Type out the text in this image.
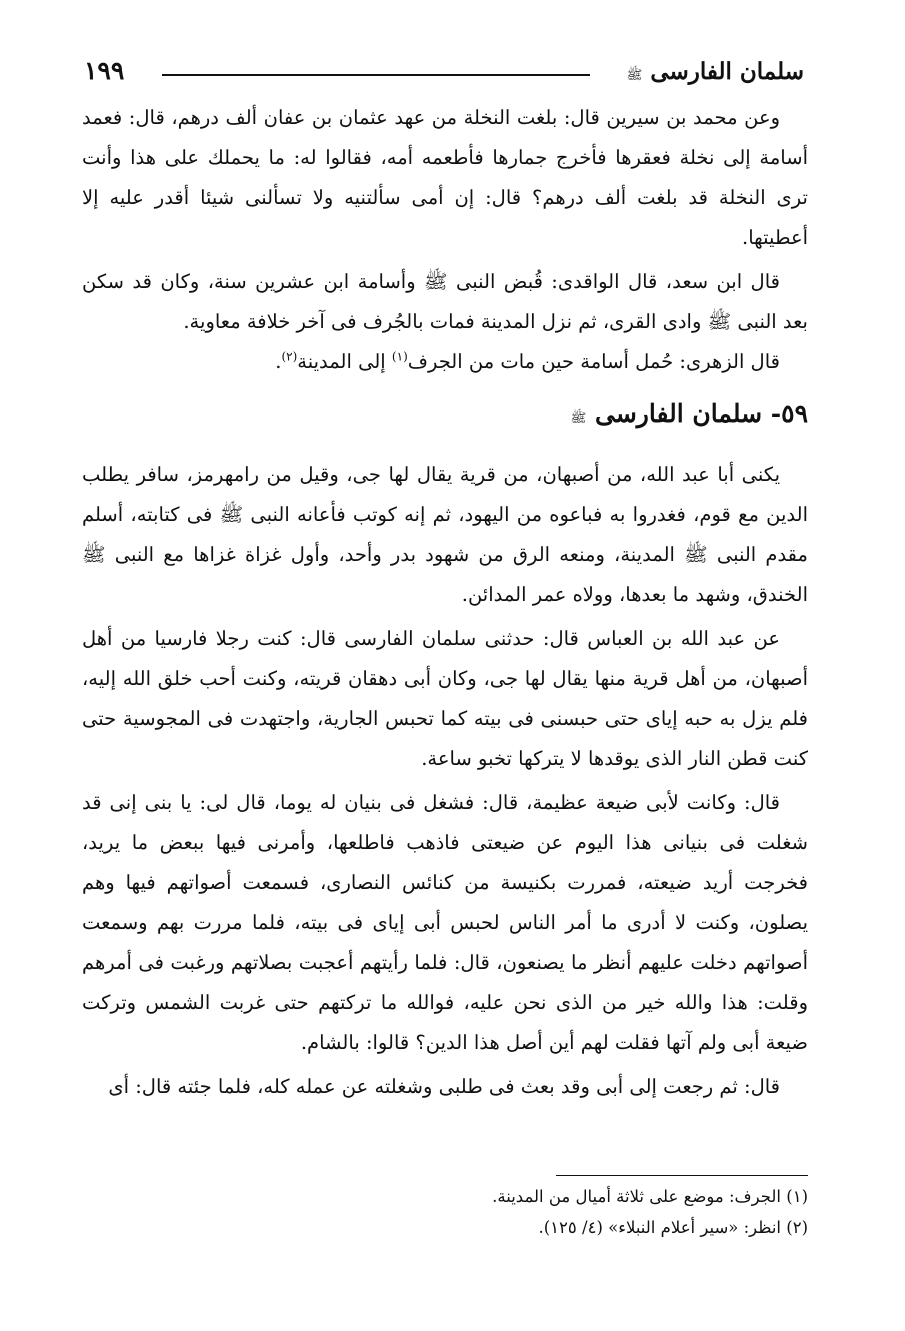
سلمان الفارسى ﷺ
١٩٩

وعن محمد بن سيرين قال: بلغت النخلة من عهد عثمان بن عفان ألف درهم، قال: فعمد أسامة إلى نخلة فعقرها فأخرج جمارها فأطعمه أمه، فقالوا له: ما يحملك على هذا وأنت ترى النخلة قد بلغت ألف درهم؟ قال: إن أمى سألتنيه ولا تسألنى شيئا أقدر عليه إلا أعطيتها.

قال ابن سعد، قال الواقدى: قُبض النبى ﷺ وأسامة ابن عشرين سنة، وكان قد سكن بعد النبى ﷺ وادى القرى، ثم نزل المدينة فمات بالجُرف فى آخر خلافة معاوية.

قال الزهرى: حُمل أسامة حين مات من الجرف$^{(١)}$ إلى المدينة$^{(٢)}$.

٥٩- سلمان الفارسى ﷺ

يكنى أبا عبد الله، من أصبهان، من قرية يقال لها جى، وقيل من رامهرمز، سافر يطلب الدين مع قوم، فغدروا به فباعوه من اليهود، ثم إنه كوتب فأعانه النبى ﷺ فى كتابته، أسلم مقدم النبى ﷺ المدينة، ومنعه الرق من شهود بدر وأحد، وأول غزاة غزاها مع النبى ﷺ الخندق، وشهد ما بعدها، وولاه عمر المدائن.

عن عبد الله بن العباس قال: حدثنى سلمان الفارسى قال: كنت رجلا فارسيا من أهل أصبهان، من أهل قرية منها يقال لها جى، وكان أبى دهقان قريته، وكنت أحب خلق الله إليه، فلم يزل به حبه إياى حتى حبسنى فى بيته كما تحبس الجارية، واجتهدت فى المجوسية حتى كنت قطن النار الذى يوقدها لا يتركها تخبو ساعة.

قال: وكانت لأبى ضيعة عظيمة، قال: فشغل فى بنيان له يوما، قال لى: يا بنى إنى قد شغلت فى بنيانى هذا اليوم عن ضيعتى فاذهب فاطلعها، وأمرنى فيها ببعض ما يريد، فخرجت أريد ضيعته، فمررت بكنيسة من كنائس النصارى، فسمعت أصواتهم فيها وهم يصلون، وكنت لا أدرى ما أمر الناس لحبس أبى إياى فى بيته، فلما مررت بهم وسمعت أصواتهم دخلت عليهم أنظر ما يصنعون، قال: فلما رأيتهم أعجبت بصلاتهم ورغبت فى أمرهم وقلت: هذا والله خير من الذى نحن عليه، فوالله ما تركتهم حتى غربت الشمس وتركت ضيعة أبى ولم آتها فقلت لهم أين أصل هذا الدين؟ قالوا: بالشام.

قال: ثم رجعت إلى أبى وقد بعث فى طلبى وشغلته عن عمله كله، فلما جئته قال: أى

(١) الجرف: موضع على ثلاثة أميال من المدينة.

(٢) انظر: «سير أعلام النبلاء» (٤/ ١٢٥).
